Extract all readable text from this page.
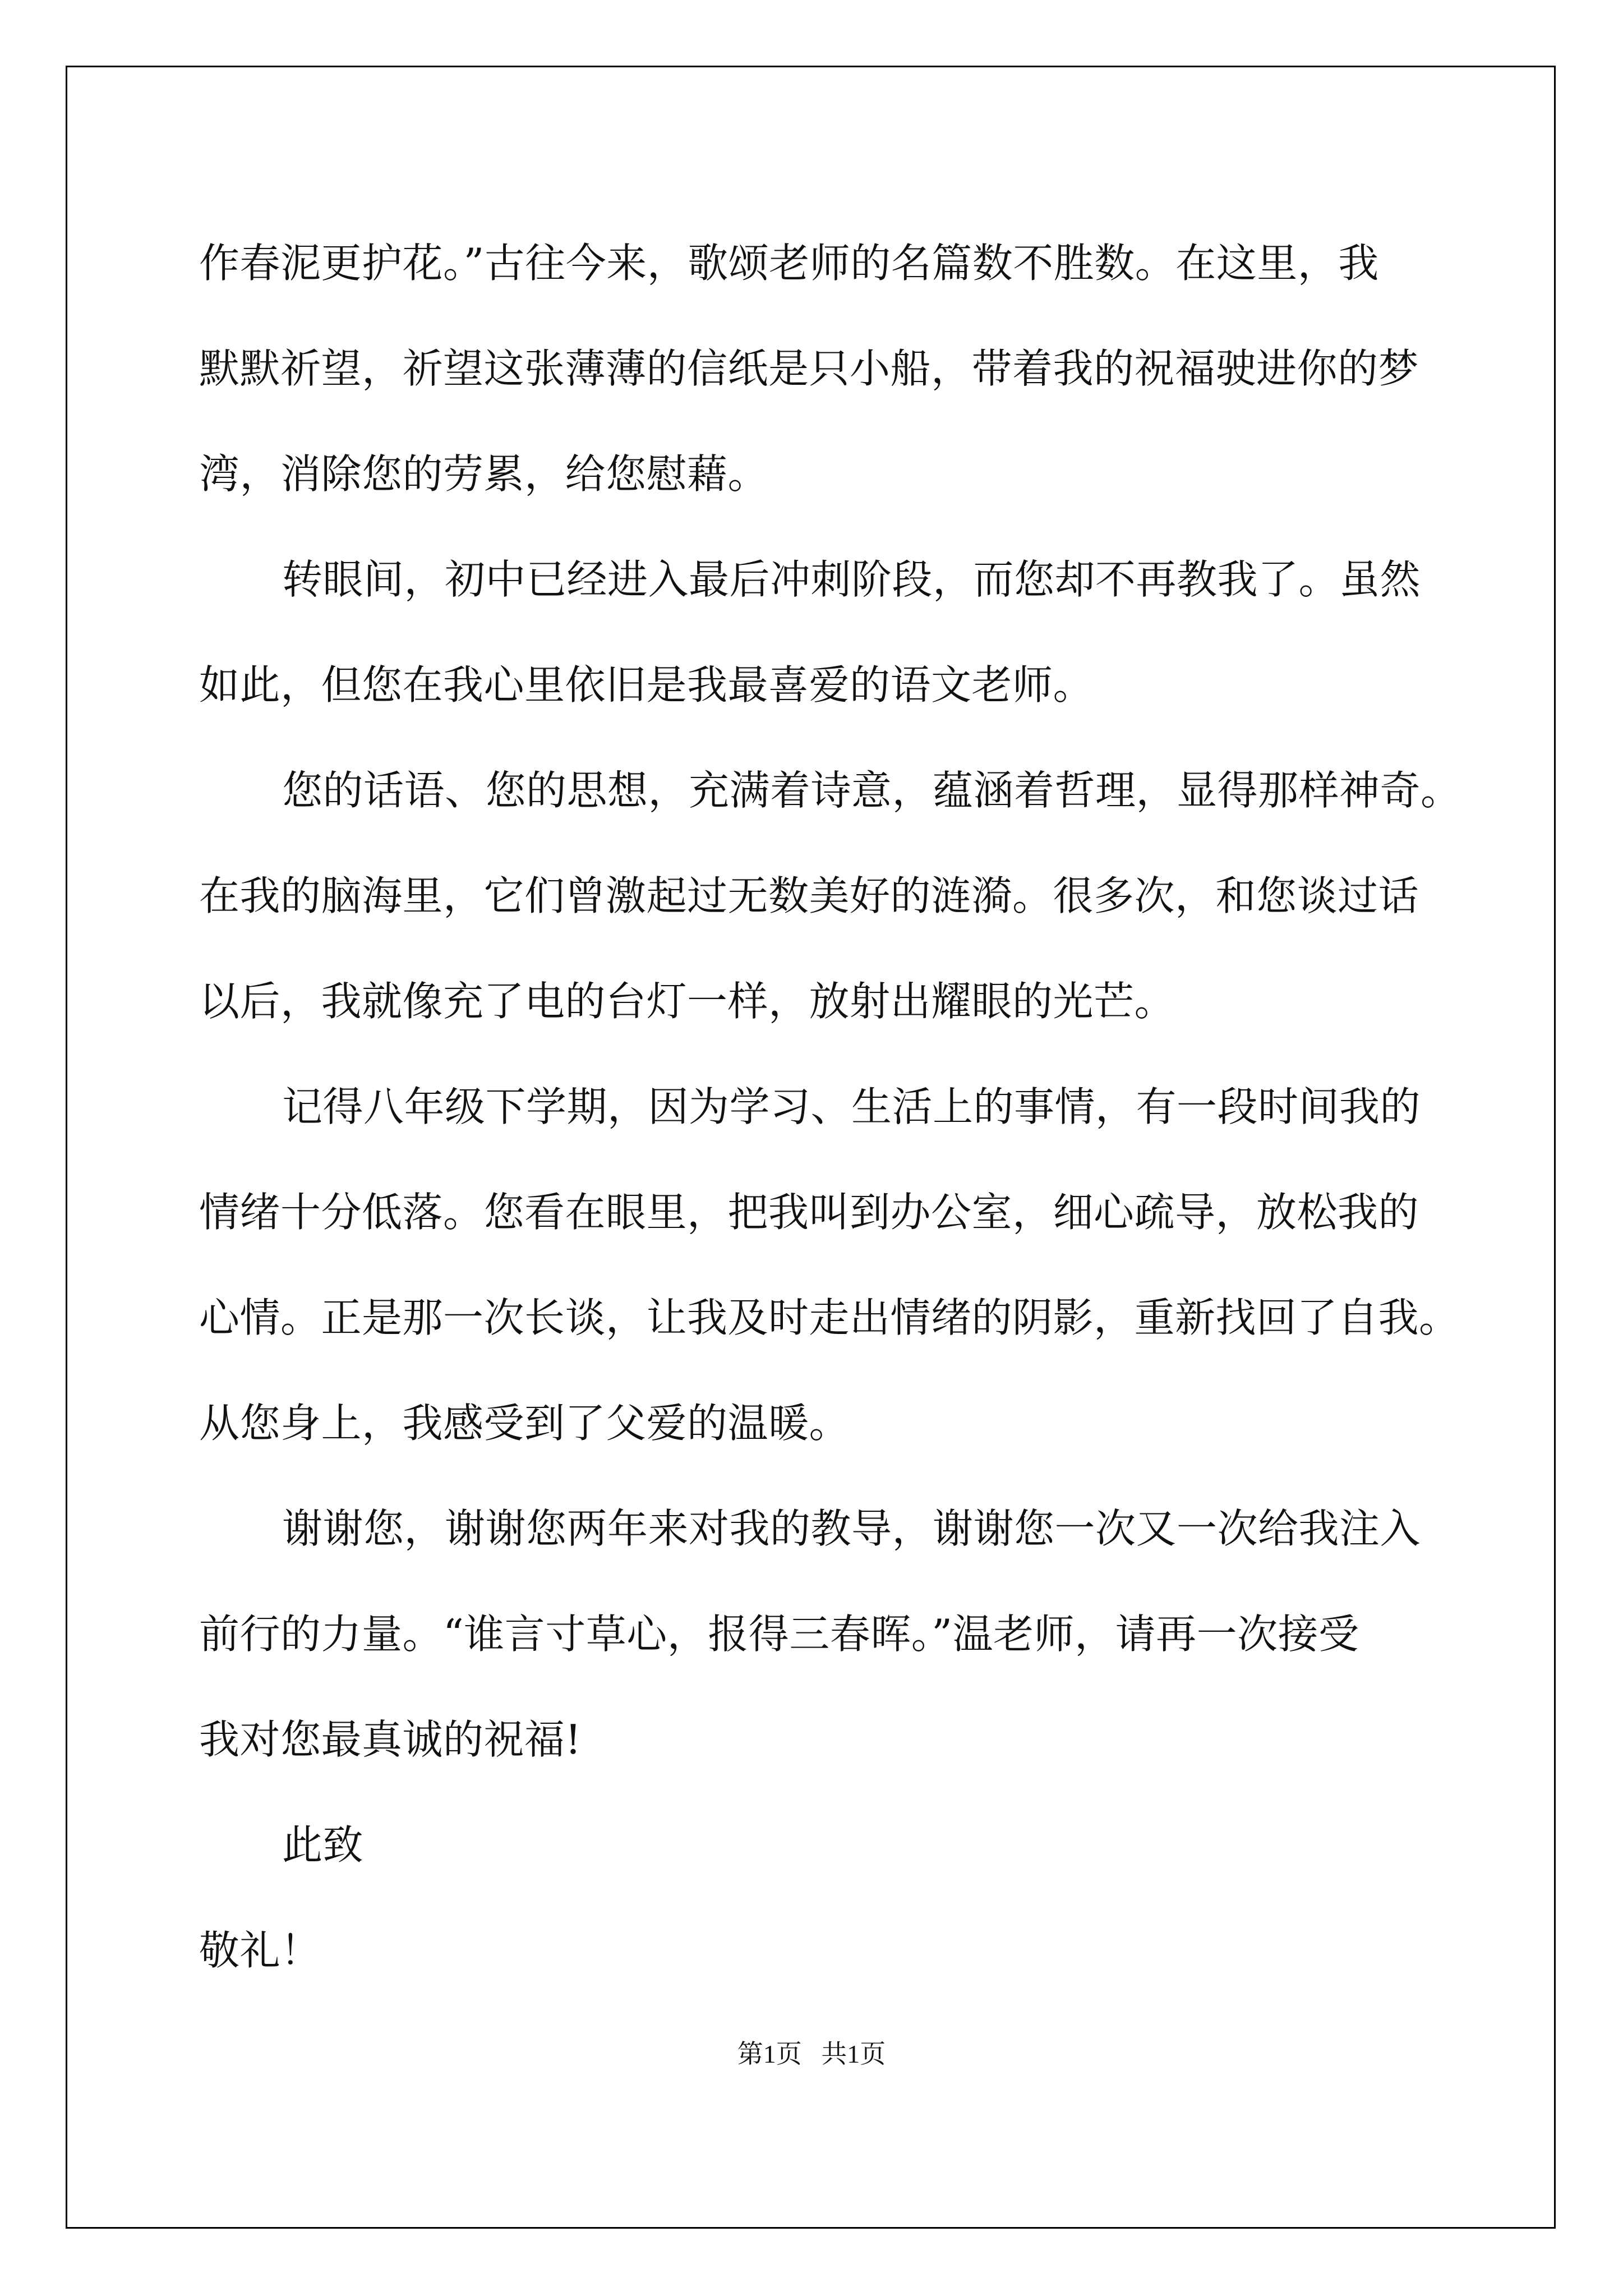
作春泥更护花。”古往今来，歌颂老师的名篇数不胜数。在这里，我
默默祈望，祈望这张薄薄的信纸是只小船，带着我的祝福驶进你的梦
湾，消除您的劳累，给您慰藉。
转眼间，初中已经进入最后冲刺阶段，而您却不再教我了。虽然
如此，但您在我心里依旧是我最喜爱的语文老师。
您的话语、您的思想，充满着诗意，蕴涵着哲理，显得那样神奇。
在我的脑海里，它们曾激起过无数美好的涟漪。很多次，和您谈过话
以后，我就像充了电的台灯一样，放射出耀眼的光芒。
记得八年级下学期，因为学习、生活上的事情，有一段时间我的
情绪十分低落。您看在眼里，把我叫到办公室，细心疏导，放松我的
心情。正是那一次长谈，让我及时走出情绪的阴影，重新找回了自我。
从您身上，我感受到了父爱的温暖。
谢谢您，谢谢您两年来对我的教导，谢谢您一次又一次给我注入
前行的力量。“谁言寸草心，报得三春晖。”温老师，请再一次接受
我对您最真诚的祝福!
此致
敬礼！
第1页   共1页
